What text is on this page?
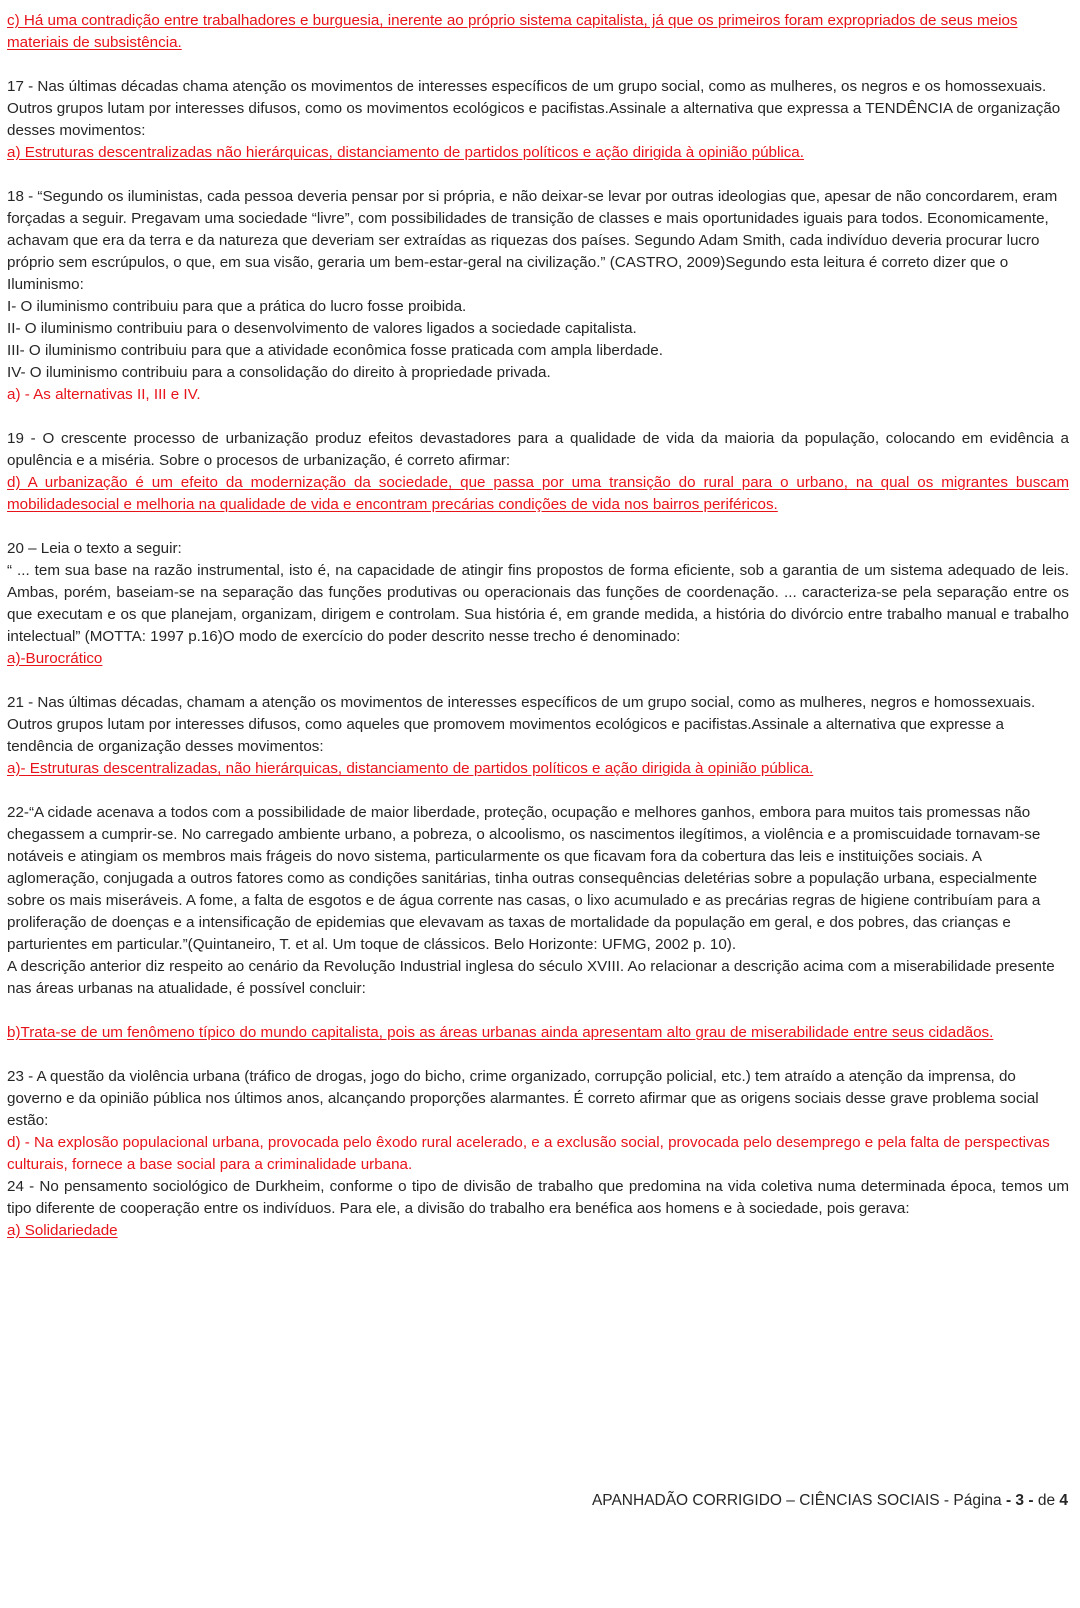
c) Há uma contradição entre trabalhadores e burguesia, inerente ao próprio sistema capitalista, já que os primeiros foram expropriados de seus meios materiais de subsistência.

17 - Nas últimas décadas chama atenção os movimentos de interesses específicos de um grupo social, como as mulheres, os negros e os homossexuais. Outros grupos lutam por interesses difusos, como os movimentos ecológicos e pacifistas.Assinale a alternativa que expressa a TENDÊNCIA de organização desses movimentos:

a) Estruturas descentralizadas não hierárquicas, distanciamento de partidos políticos e ação dirigida à opinião pública.

18 - “Segundo os iluministas, cada pessoa deveria pensar por si própria, e não deixar-se levar por outras ideologias que, apesar de não concordarem, eram forçadas a seguir. Pregavam uma sociedade “livre”, com possibilidades de transição de classes e mais oportunidades iguais para todos. Economicamente, achavam que era da terra e da natureza que deveriam ser extraídas as riquezas dos países. Segundo Adam Smith, cada indivíduo deveria procurar lucro próprio sem escrúpulos, o que, em sua visão, geraria um bem-estar-geral na civilização.” (CASTRO, 2009)Segundo esta leitura é correto dizer que o Iluminismo:

I- O iluminismo contribuiu para que a prática do lucro fosse proibida.

II- O iluminismo contribuiu para o desenvolvimento de valores ligados a sociedade capitalista.

III- O iluminismo contribuiu para que a atividade econômica fosse praticada com ampla liberdade.

IV- O iluminismo contribuiu para a consolidação do direito à propriedade privada.

a) - As alternativas II, III e IV.

19 - O crescente processo de urbanização produz efeitos devastadores para a qualidade de vida da maioria da população, colocando em evidência a opulência e a miséria. Sobre o procesos de urbanização, é correto afirmar:

d) A urbanização é um efeito da modernização da sociedade, que passa por uma transição do rural para o urbano, na qual os migrantes buscam mobilidadesocial e melhoria na qualidade de vida e encontram precárias condições de vida nos bairros periféricos.

20 – Leia o texto a seguir:

“ ... tem sua base na razão instrumental, isto é, na capacidade de atingir fins propostos de forma eficiente, sob a garantia de um sistema adequado de leis. Ambas, porém, baseiam-se na separação das funções produtivas ou operacionais das funções de coordenação. ... caracteriza-se pela separação entre os que executam e os que planejam, organizam, dirigem e controlam. Sua história é, em grande medida, a história do divórcio entre trabalho manual e trabalho intelectual” (MOTTA: 1997 p.16)O modo de exercício do poder descrito nesse trecho é denominado:

a)-Burocrático

21 - Nas últimas décadas, chamam a atenção os movimentos de interesses específicos de um grupo social, como as mulheres, negros e homossexuais. Outros grupos lutam por interesses difusos, como aqueles que promovem movimentos ecológicos e pacifistas.Assinale a alternativa que expresse a tendência de organização desses movimentos:

a)- Estruturas descentralizadas, não hierárquicas, distanciamento de partidos políticos e ação dirigida à opinião pública.

22-“A cidade acenava a todos com a possibilidade de maior liberdade, proteção, ocupação e melhores ganhos, embora para muitos tais promessas não chegassem a cumprir-se. No carregado ambiente urbano, a pobreza, o alcoolismo, os nascimentos ilegítimos, a violência e a promiscuidade tornavam-se notáveis e atingiam os membros mais frágeis do novo sistema, particularmente os que ficavam fora da cobertura das leis e instituições sociais. A aglomeração, conjugada a outros fatores como as condições sanitárias, tinha outras consequências deletérias sobre a população urbana, especialmente sobre os mais miseráveis. A fome, a falta de esgotos e de água corrente nas casas, o lixo acumulado e as precárias regras de higiene contribuíam para a proliferação de doenças e a intensificação de epidemias que elevavam as taxas de mortalidade da população em geral, e dos pobres, das crianças e parturientes em particular.”(Quintaneiro, T. et al. Um toque de clássicos. Belo Horizonte: UFMG, 2002 p. 10).

A descrição anterior diz respeito ao cenário da Revolução Industrial inglesa do século XVIII. Ao relacionar a descrição acima com a miserabilidade presente nas áreas urbanas na atualidade, é possível concluir:

b)Trata-se de um fenômeno típico do mundo capitalista, pois as áreas urbanas ainda apresentam alto grau de miserabilidade entre seus cidadãos.

23 - A questão da violência urbana (tráfico de drogas, jogo do bicho, crime organizado, corrupção policial, etc.) tem atraído a atenção da imprensa, do governo e da opinião pública nos últimos anos, alcançando proporções alarmantes. É correto afirmar que as origens sociais desse grave problema social estão:

d) - Na explosão populacional urbana, provocada pelo êxodo rural acelerado, e a exclusão social, provocada pelo desemprego e pela falta de perspectivas culturais, fornece a base social para a criminalidade urbana.

24 - No pensamento sociológico de Durkheim, conforme o tipo de divisão de trabalho que predomina na vida coletiva numa determinada época, temos um tipo diferente de cooperação entre os indivíduos. Para ele, a divisão do trabalho era benéfica aos homens e à sociedade, pois gerava:

a) Solidariedade

APANHADÃO CORRIGIDO – CIÊNCIAS SOCIAIS - Página - 3 - de 4
